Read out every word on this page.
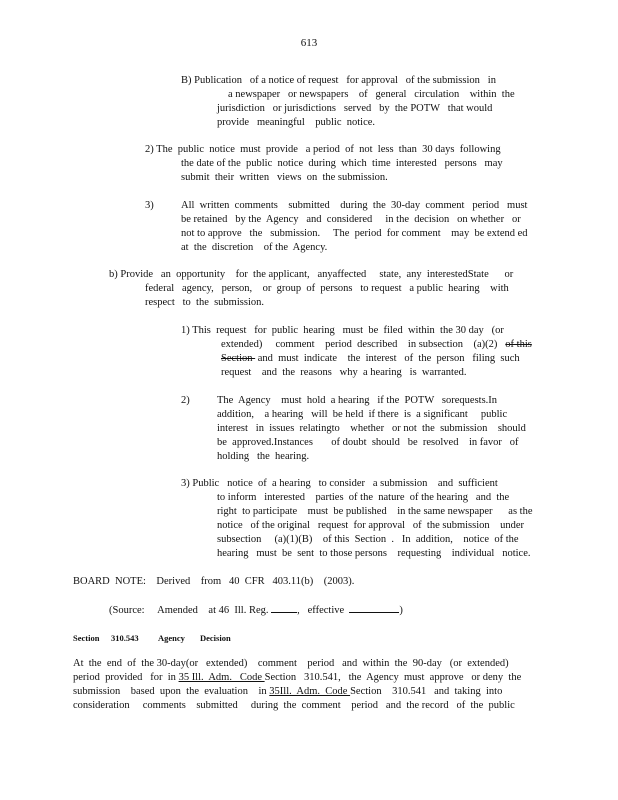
613
B) Publication   of a notice of request   for approval   of the submission   in
a newspaper   or newspapers    of   general   circulation    within  the
jurisdiction   or jurisdictions   served   by  the POTW   that would
provide   meaningful    public  notice.
2) The  public  notice  must  provide   a period  of  not  less  than  30 days  following
the date of the  public  notice  during  which  time  interested   persons   may
submit  their  written   views  on  the submission.
3)	All  written  comments    submitted    during  the  30-day  comment   period   must
be retained   by the  Agency   and  considered     in the  decision   on whether   or
not to approve   the   submission.     The  period  for comment    may  be extend ed
at  the  discretion    of the  Agency.
b) Provide   an  opportunity    for  the applicant,   anyaffected     state,  any  interestedState      or
federal   agency,   person,    or  group  of  persons   to request   a public  hearing    with
respect   to  the  submission.
1) This  request   for  public  hearing   must  be  filed  within  the 30 day   (or
extended)     comment    period  described    in subsection    (a)(2)   of this
Section  and  must  indicate    the  interest   of  the  person   filing  such
request    and  the  reasons   why  a hearing   is  warranted.
2)	The  Agency    must  hold  a hearing   if the  POTW   sorequests.In
addition,    a hearing   will  be held  if there  is  a significant     public
interest   in  issues  relatingto    whether   or not  the  submission    should
be  approved.Instances       of doubt  should   be  resolved    in favor   of
holding   the  hearing.
3) Public   notice  of  a hearing   to consider   a submission    and  sufficient
to inform   interested    parties  of the  nature  of the hearing   and  the
right  to participate    must  be published    in the same newspaper      as the
notice   of the original   request  for approval   of  the submission    under
subsection     (a)(1)(B)    of this  Section  .   In  addition,    notice  of the
hearing   must  be  sent  to those persons    requesting    individual   notice.
BOARD  NOTE:    Derived    from   40  CFR   403.11(b)    (2003).
(Source:     Amended    at 46  Ill. Reg.	,   effective	)
Section 310.543 Agency Decision
At  the  end  of  the 30-day(or   extended)    comment    period   and  within  the  90-day   (or  extended)
period  provided   for  in 35 Ill.  Adm.   Code Section   310.541,   the  Agency  must  approve   or deny  the
submission    based  upon  the  evaluation    in 35Ill.  Adm.  Code Section    310.541   and  taking  into
consideration     comments    submitted     during  the  comment    period   and  the record   of  the  public
